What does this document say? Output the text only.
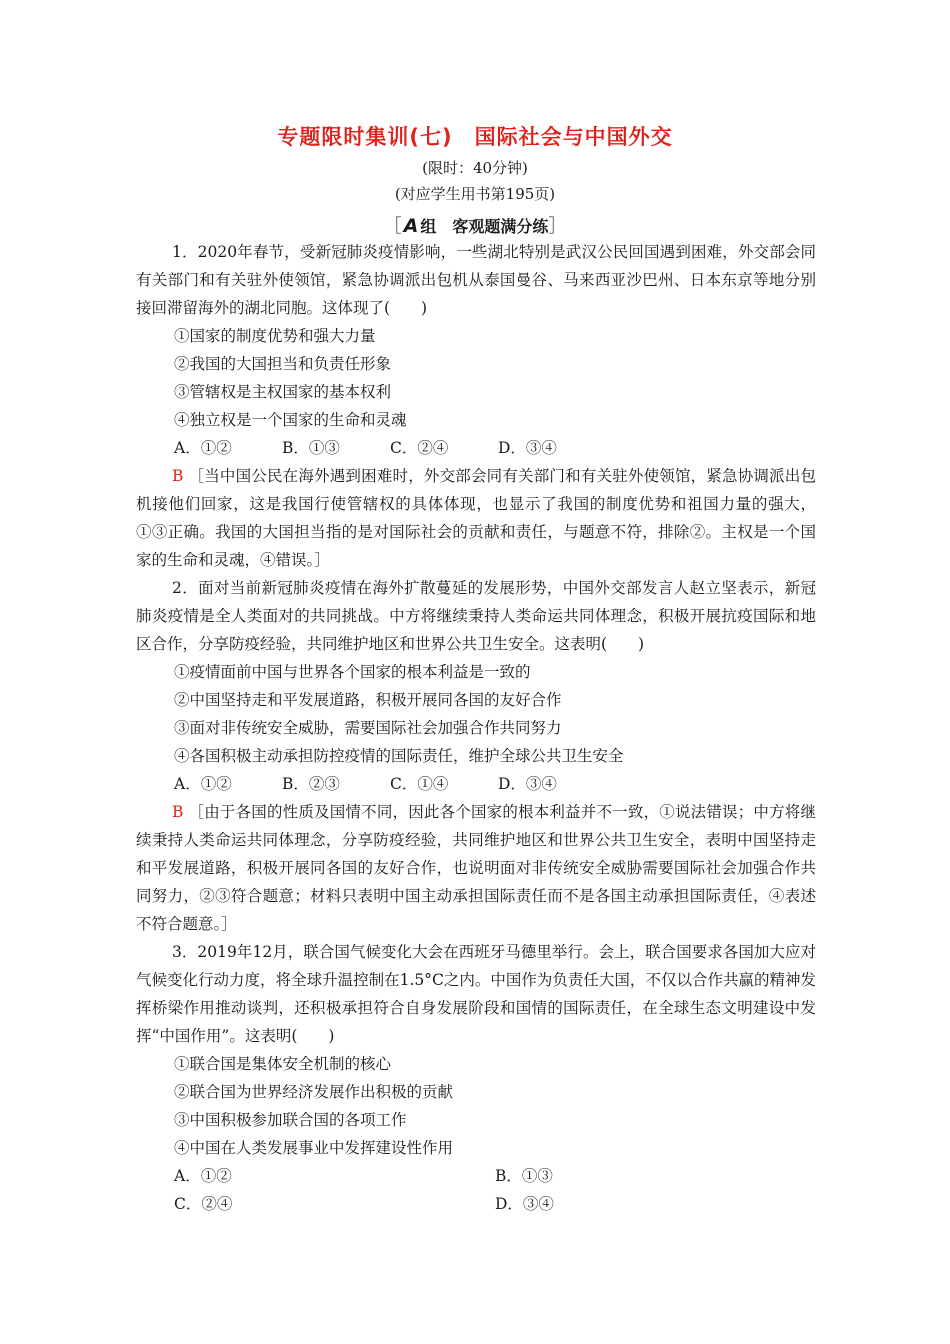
专题限时集训(七)　国际社会与中国外交
(限时：40分钟)
(对应学生用书第195页)
［ A 组　客观题满分练］

1．2020年春节，受新冠肺炎疫情影响，一些湖北特别是武汉公民回国遇到困难，外交部会同有关部门和有关驻外使领馆，紧急协调派出包机从泰国曼谷、马来西亚沙巴州、日本东京等地分别接回滞留海外的湖北同胞。这体现了(　　)

①国家的制度优势和强大力量

②我国的大国担当和负责任形象

③管辖权是主权国家的基本权利

④独立权是一个国家的生命和灵魂

A．①②	B．①③	C．②④	D．③④

B ［当中国公民在海外遇到困难时，外交部会同有关部门和有关驻外使领馆，紧急协调派出包机接他们回家，这是我国行使管辖权的具体体现，也显示了我国的制度优势和祖国力量的强大，①③正确。我国的大国担当指的是对国际社会的贡献和责任，与题意不符，排除②。主权是一个国家的生命和灵魂，④错误。］

2．面对当前新冠肺炎疫情在海外扩散蔓延的发展形势，中国外交部发言人赵立坚表示，新冠肺炎疫情是全人类面对的共同挑战。中方将继续秉持人类命运共同体理念，积极开展抗疫国际和地区合作，分享防疫经验，共同维护地区和世界公共卫生安全。这表明(　　)

①疫情面前中国与世界各个国家的根本利益是一致的

②中国坚持走和平发展道路，积极开展同各国的友好合作

③面对非传统安全威胁，需要国际社会加强合作共同努力

④各国积极主动承担防控疫情的国际责任，维护全球公共卫生安全

A．①②	B．②③	C．①④	D．③④

B ［由于各国的性质及国情不同，因此各个国家的根本利益并不一致，①说法错误；中方将继续秉持人类命运共同体理念，分享防疫经验，共同维护地区和世界公共卫生安全，表明中国坚持走和平发展道路，积极开展同各国的友好合作，也说明面对非传统安全威胁需要国际社会加强合作共同努力，②③符合题意；材料只表明中国主动承担国际责任而不是各国主动承担国际责任，④表述不符合题意。］

3．2019年12月，联合国气候变化大会在西班牙马德里举行。会上，联合国要求各国加大应对气候变化行动力度，将全球升温控制在1.5°C之内。中国作为负责任大国，不仅以合作共赢的精神发挥桥梁作用推动谈判，还积极承担符合自身发展阶段和国情的国际责任，在全球生态文明建设中发挥“中国作用”。这表明(　　)

①联合国是集体安全机制的核心

②联合国为世界经济发展作出积极的贡献

③中国积极参加联合国的各项工作

④中国在人类发展事业中发挥建设性作用

A．①②	B．①③

C．②④	D．③④
